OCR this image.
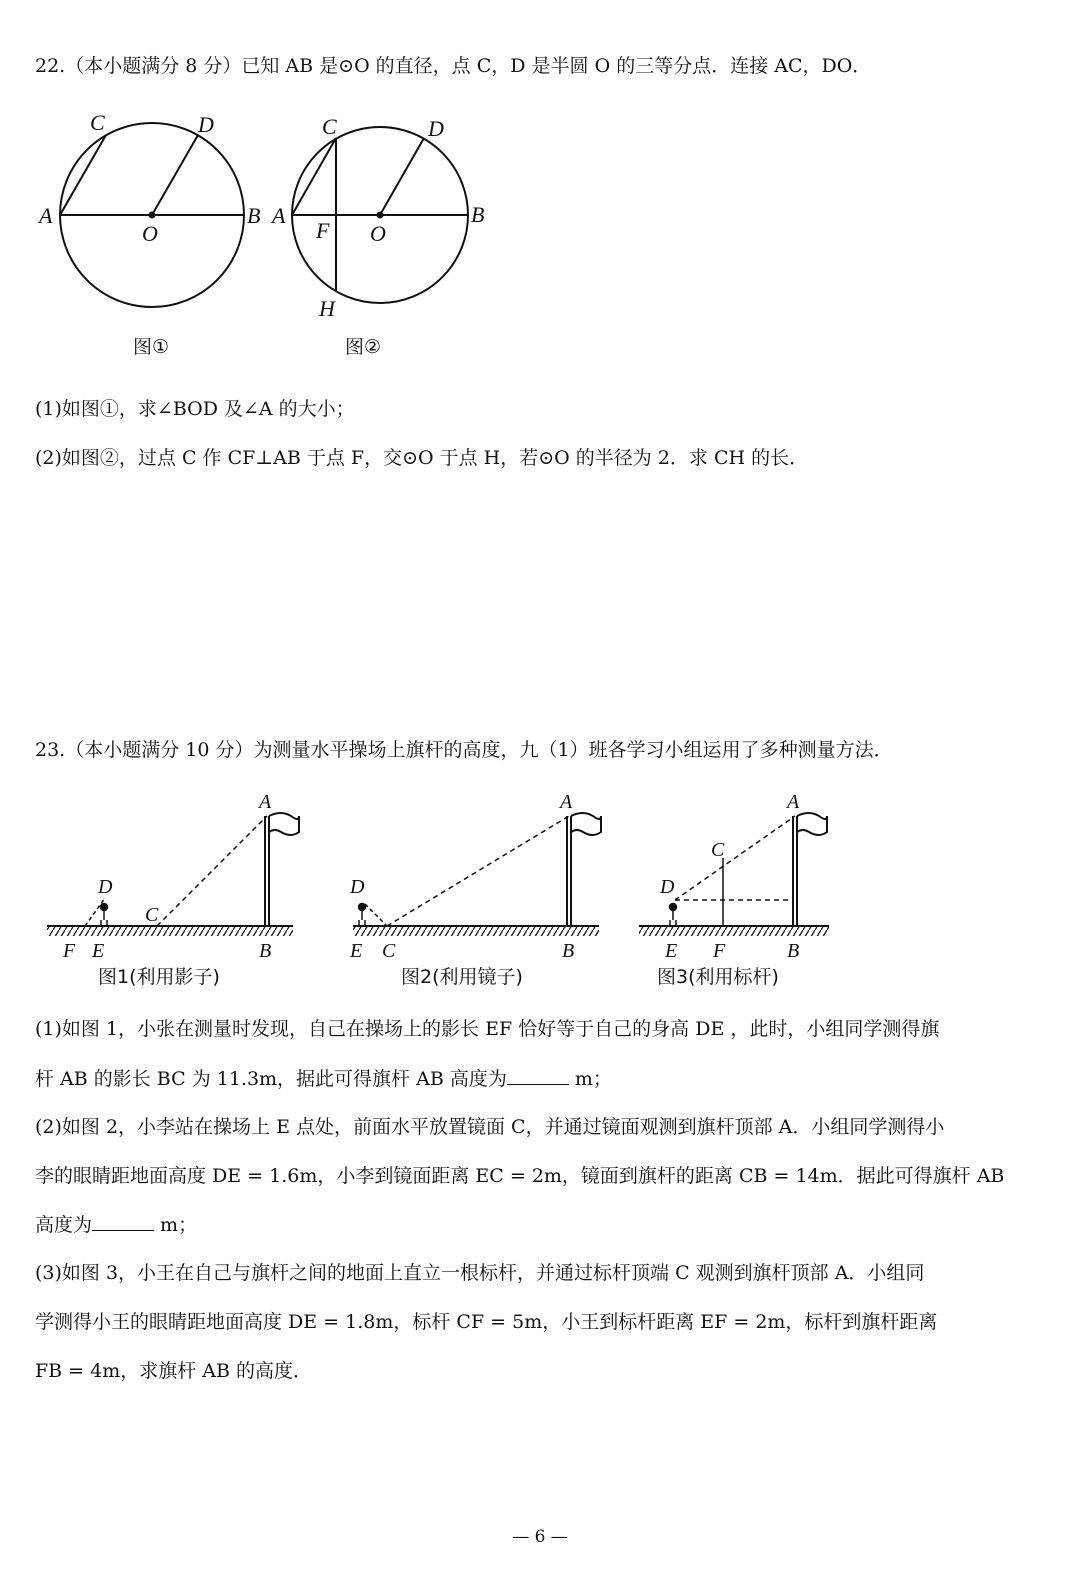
22.（本小题满分 8 分）已知 AB 是⊙O 的直径，点 C，D 是半圆 O 的三等分点．连接 AC，DO．
A
C	D
O
B A
C	D
F O
B
H
图①	图②
(1)如图①，求∠BOD 及∠A 的大小；
(2)如图②，过点 C 作 CF⊥AB 于点 F，交⊙O 于点 H，若⊙O 的半径为 2．求 CH 的长．
23.（本小题满分 10 分）为测量水平操场上旗杆的高度，九（1）班各学习小组运用了多种测量方法．
A
D
C
F E	B
A
D
E C	B
A
C
D
E F	B
图1(利用影子)	图2(利用镜子)	图3(利用标杆)
(1)如图 1，小张在测量时发现，自己在操场上的影长 EF 恰好等于自己的身高 DE ，此时，小组同学测得旗
杆 AB 的影长 BC 为 11.3m，据此可得旗杆 AB 高度为	m；
(2)如图 2，小李站在操场上 E 点处，前面水平放置镜面 C，并通过镜面观测到旗杆顶部 A．小组同学测得小
李的眼睛距地面高度 DE = 1.6m，小李到镜面距离 EC = 2m，镜面到旗杆的距离 CB = 14m．据此可得旗杆 AB
高度为	m；
(3)如图 3，小王在自己与旗杆之间的地面上直立一根标杆，并通过标杆顶端 C 观测到旗杆顶部 A．小组同
学测得小王的眼睛距地面高度 DE = 1.8m，标杆 CF = 5m，小王到标杆距离 EF = 2m，标杆到旗杆距离
FB = 4m，求旗杆 AB 的高度．
— 6 —
